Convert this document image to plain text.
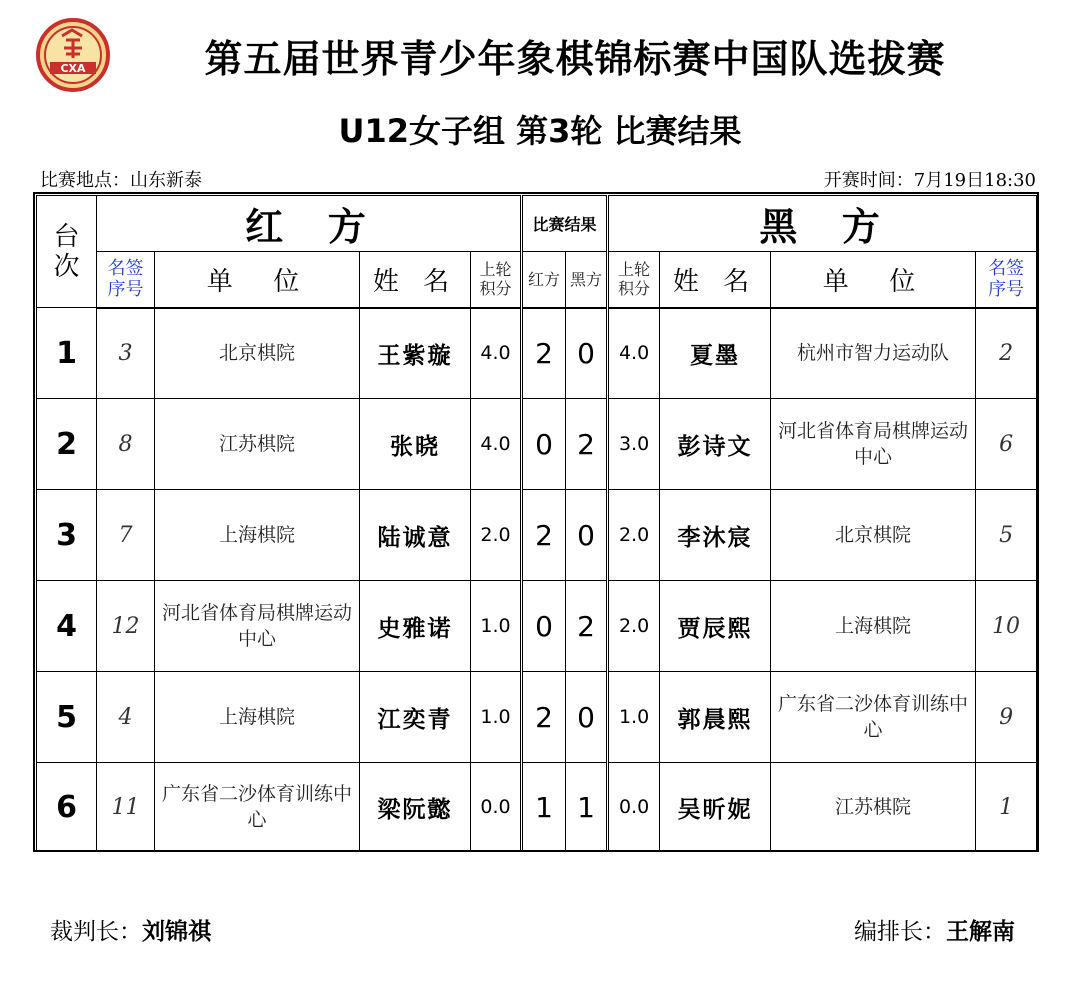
CXA	第五届世界青少年象棋锦标赛中国队选拔赛
U12女子组 第3轮 比赛结果
比赛地点：山东新泰	开赛时间：7月19日18:30
台次	红  方				比赛结果		黑  方			

	名签序号	单  位	姓 名	上轮积分	红方	黑方	上轮积分	姓 名	单  位	名签序号

1	3	北京棋院	王紫璇	4.0	2	0	4.0	夏墨	杭州市智力运动队	2
2	8	江苏棋院	张晓	4.0	0	2	3.0	彭诗文	河北省体育局棋牌运动中心	6
3	7	上海棋院	陆诚意	2.0	2	0	2.0	李沐宸	北京棋院	5
4	12	河北省体育局棋牌运动中心	史雅诺	1.0	0	2	2.0	贾辰熙	上海棋院	10
5	4	上海棋院	江奕青	1.0	2	0	1.0	郭晨熙	广东省二沙体育训练中心	9
6	11	广东省二沙体育训练中心	梁阮懿	0.0	1	1	0.0	吴昕妮	江苏棋院	1
裁判长：刘锦祺	编排长：王解南
